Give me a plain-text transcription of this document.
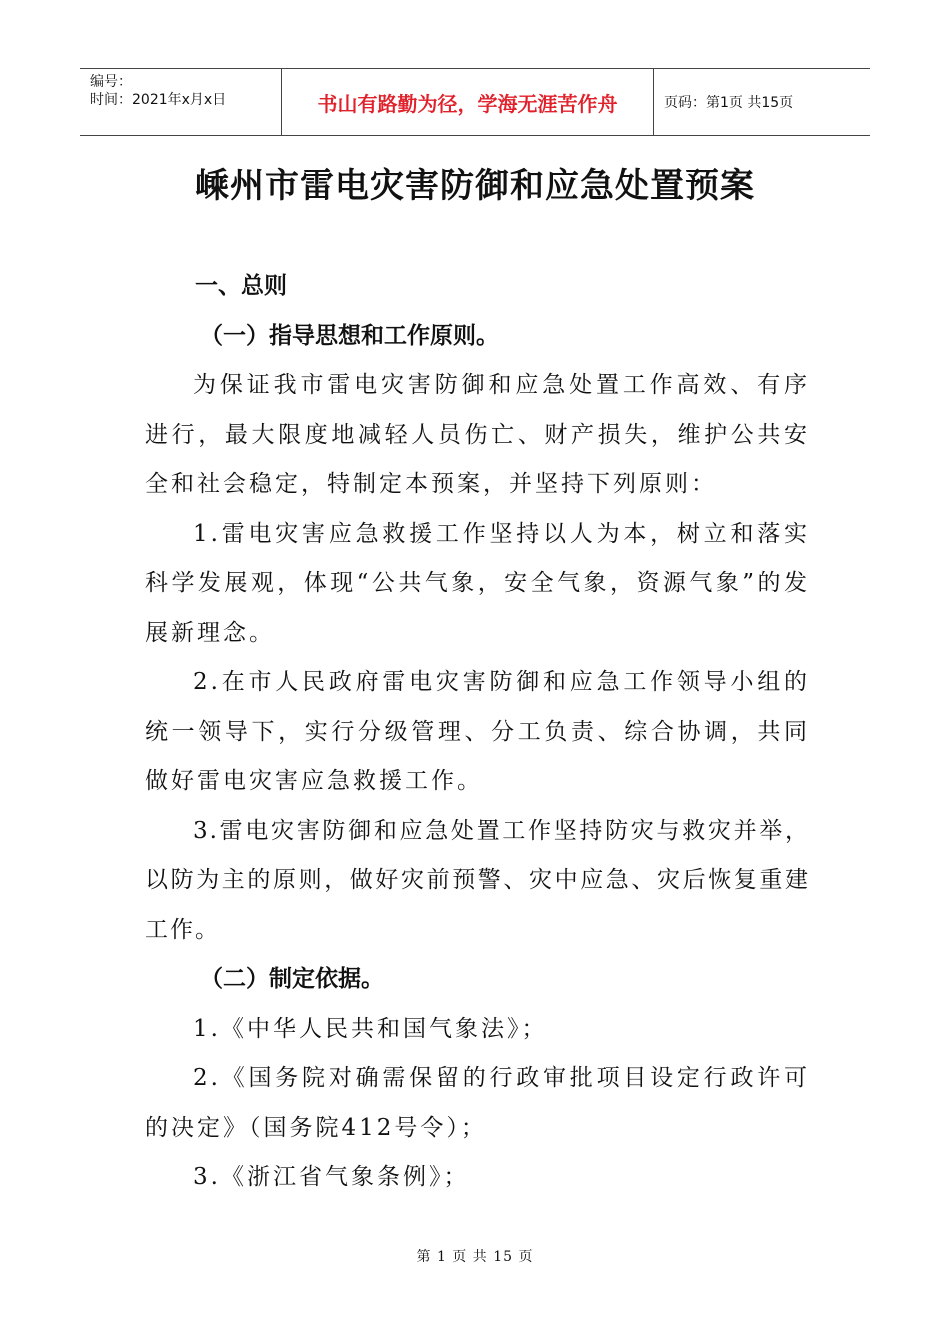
编号：
时间：2021年x月x日	书山有路勤为径，学海无涯苦作舟	页码：第1页 共15页
嵊州市雷电灾害防御和应急处置预案

一、总则

（一）指导思想和工作原则。

为保证我市雷电灾害防御和应急处置工作高效、有序进行，最大限度地减轻人员伤亡、财产损失，维护公共安全和社会稳定，特制定本预案，并坚持下列原则：

1.雷电灾害应急救援工作坚持以人为本，树立和落实科学发展观，体现“公共气象，安全气象，资源气象”的发展新理念。

2.在市人民政府雷电灾害防御和应急工作领导小组的统一领导下，实行分级管理、分工负责、综合协调，共同做好雷电灾害应急救援工作。

3.雷电灾害防御和应急处置工作坚持防灾与救灾并举，以防为主的原则，做好灾前预警、灾中应急、灾后恢复重建工作。

（二）制定依据。

1.《中华人民共和国气象法》；

2.《国务院对确需保留的行政审批项目设定行政许可的决定》（国务院412号令）；

3.《浙江省气象条例》；

第 1 页 共 15 页
